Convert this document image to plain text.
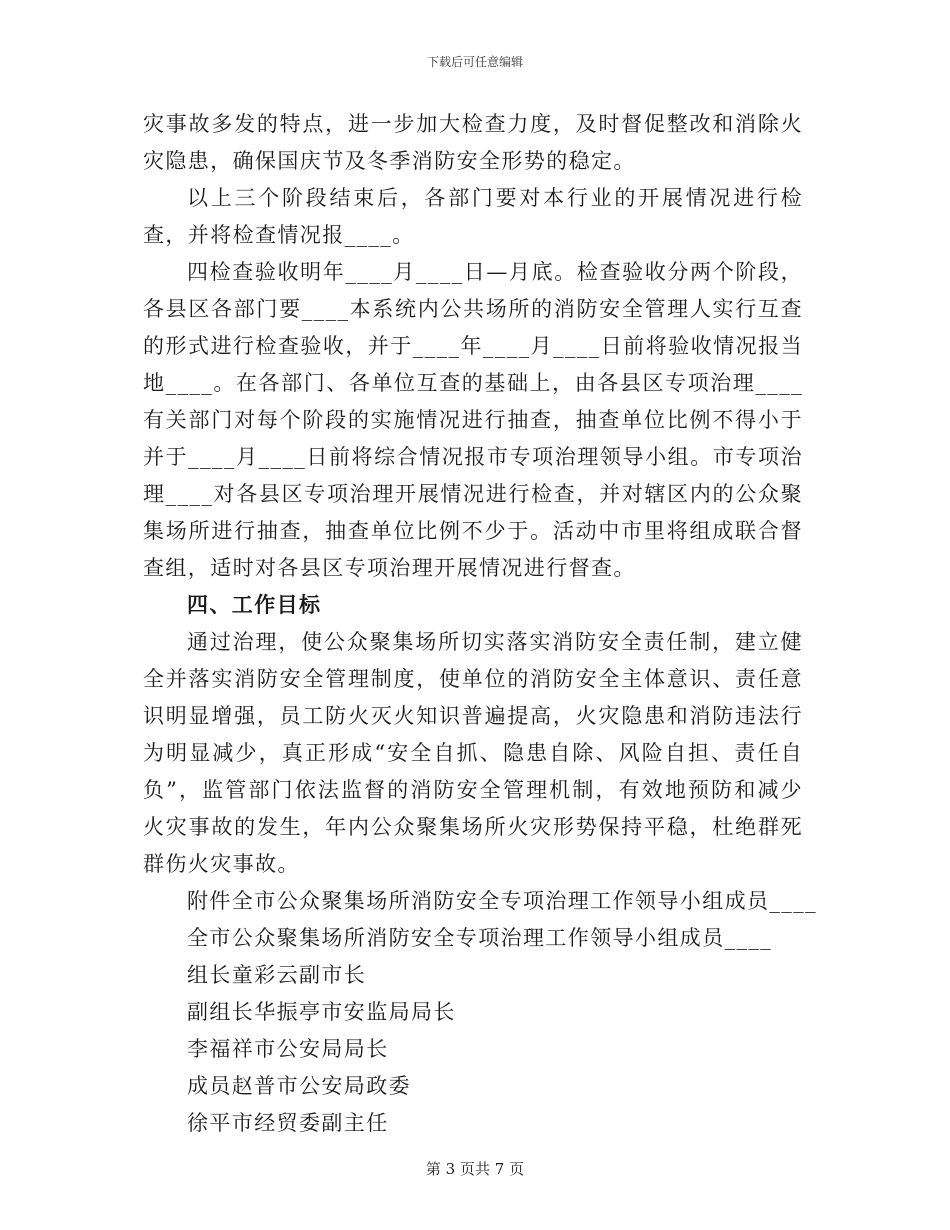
下载后可任意编辑

灾事故多发的特点，进一步加大检查力度，及时督促整改和消除火灾隐患，确保国庆节及冬季消防安全形势的稳定。

以上三个阶段结束后，各部门要对本行业的开展情况进行检查，并将检查情况报____。

四检查验收明年____月____日—月底。检查验收分两个阶段，各县区各部门要____本系统内公共场所的消防安全管理人实行互查的形式进行检查验收，并于____年____月____日前将验收情况报当地____。在各部门、各单位互查的基础上，由各县区专项治理____有关部门对每个阶段的实施情况进行抽查，抽查单位比例不得小于并于____月____日前将综合情况报市专项治理领导小组。市专项治理____对各县区专项治理开展情况进行检查，并对辖区内的公众聚集场所进行抽查，抽查单位比例不少于。活动中市里将组成联合督查组，适时对各县区专项治理开展情况进行督查。

四、工作目标

通过治理，使公众聚集场所切实落实消防安全责任制，建立健全并落实消防安全管理制度，使单位的消防安全主体意识、责任意识明显增强，员工防火灭火知识普遍提高，火灾隐患和消防违法行为明显减少，真正形成“安全自抓、隐患自除、风险自担、责任自负”，监管部门依法监督的消防安全管理机制，有效地预防和减少火灾事故的发生，年内公众聚集场所火灾形势保持平稳，杜绝群死群伤火灾事故。

附件全市公众聚集场所消防安全专项治理工作领导小组成员____

全市公众聚集场所消防安全专项治理工作领导小组成员____

组长童彩云副市长

副组长华振亭市安监局局长

李福祥市公安局局长

成员赵普市公安局政委

徐平市经贸委副主任

第 3 页共 7 页
